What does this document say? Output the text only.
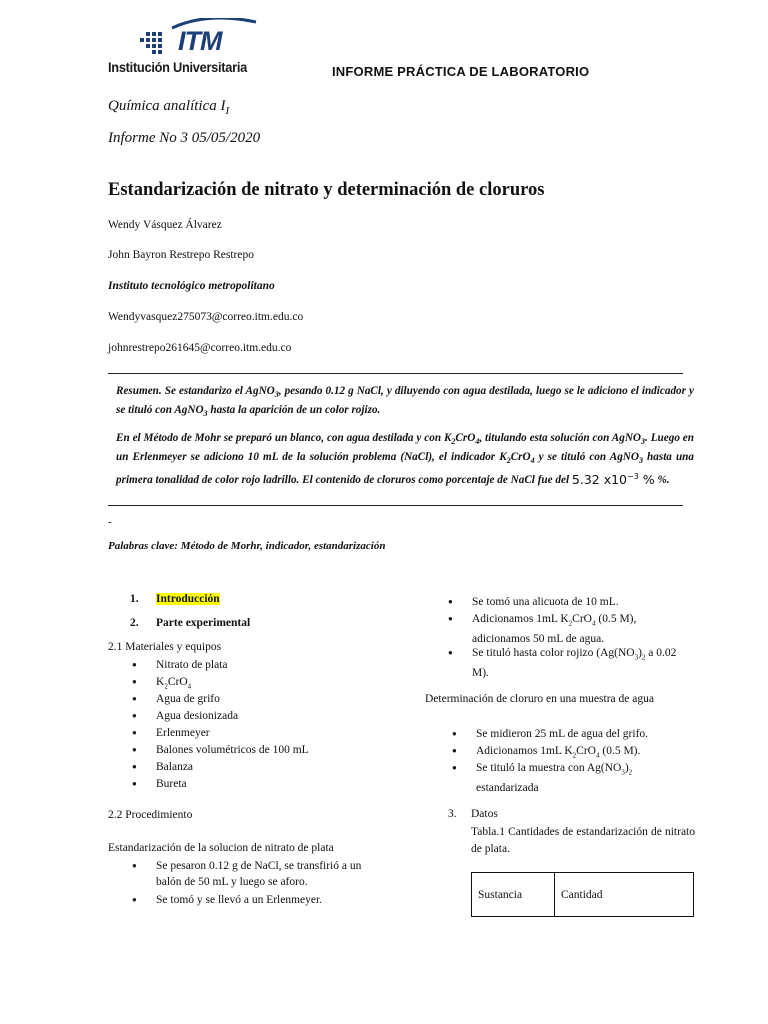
ITM
Institución Universitaria	INFORME PRÁCTICA DE LABORATORIO
Química analítica $I_I$
Informe No 3 05/05/2020
Estandarización de nitrato y determinación de cloruros
Wendy Vásquez Álvarez
John Bayron Restrepo Restrepo
Instituto tecnológico metropolitano
Wendyvasquez275073@correo.itm.edu.co
johnrestrepo261645@correo.itm.edu.co
Resumen. Se estandarizo el AgNO$_3$, pesando 0.12 g NaCl, y diluyendo con agua destilada, luego se le adiciono el indicador y se tituló con AgNO$_3$ hasta la aparición de un color rojizo.
En el Método de Mohr se preparó un blanco, con agua destilada y con $K_2CrO_4$, titulando esta solución con AgNO$_3$. Luego en un Erlenmeyer se adiciono 10 mL de la solución problema (NaCl), el indicador $K_2CrO_4$ y se tituló con AgNO$_3$ hasta una primera tonalidad de color rojo ladrillo. El contenido de cloruros como porcentaje de NaCl fue del 5.32 $x10^{-3}$ % %.
-
Palabras clave: Método de Morhr, indicador, estandarización
1. Introducción
2. Parte experimental
2.1 Materiales y equipos
● Nitrato de plata
● $K_2CrO_4$
● Agua de grifo
● Agua desionizada
● Erlenmeyer
● Balones volumétricos de 100 mL
● Balanza
● Bureta
2.2 Procedimiento
Estandarización de la solucion de nitrato de plata
● Se pesaron 0.12 g de NaCl, se transfirió a un balón de 50 mL y luego se aforo.
● Se tomó y se llevó a un Erlenmeyer.
● Se tomó una alicuota de 10 mL.
● Adicionamos 1mL $K_2CrO_4$ (0.5 M), adicionamos 50 mL de agua.
● Se tituló hasta color rojizo ($Ag(NO_3)_2$ a 0.02 M).
Determinación de cloruro en una muestra de agua
● Se midieron 25 mL de agua del grifo.
● Adicionamos 1mL $K_2CrO_4$ (0.5 M).
● Se tituló la muestra con $Ag(NO_3)_2$ estandarizada
3. Datos
Tabla.1 Cantidades de estandarización de nitrato de plata.
Sustancia	Cantidad
